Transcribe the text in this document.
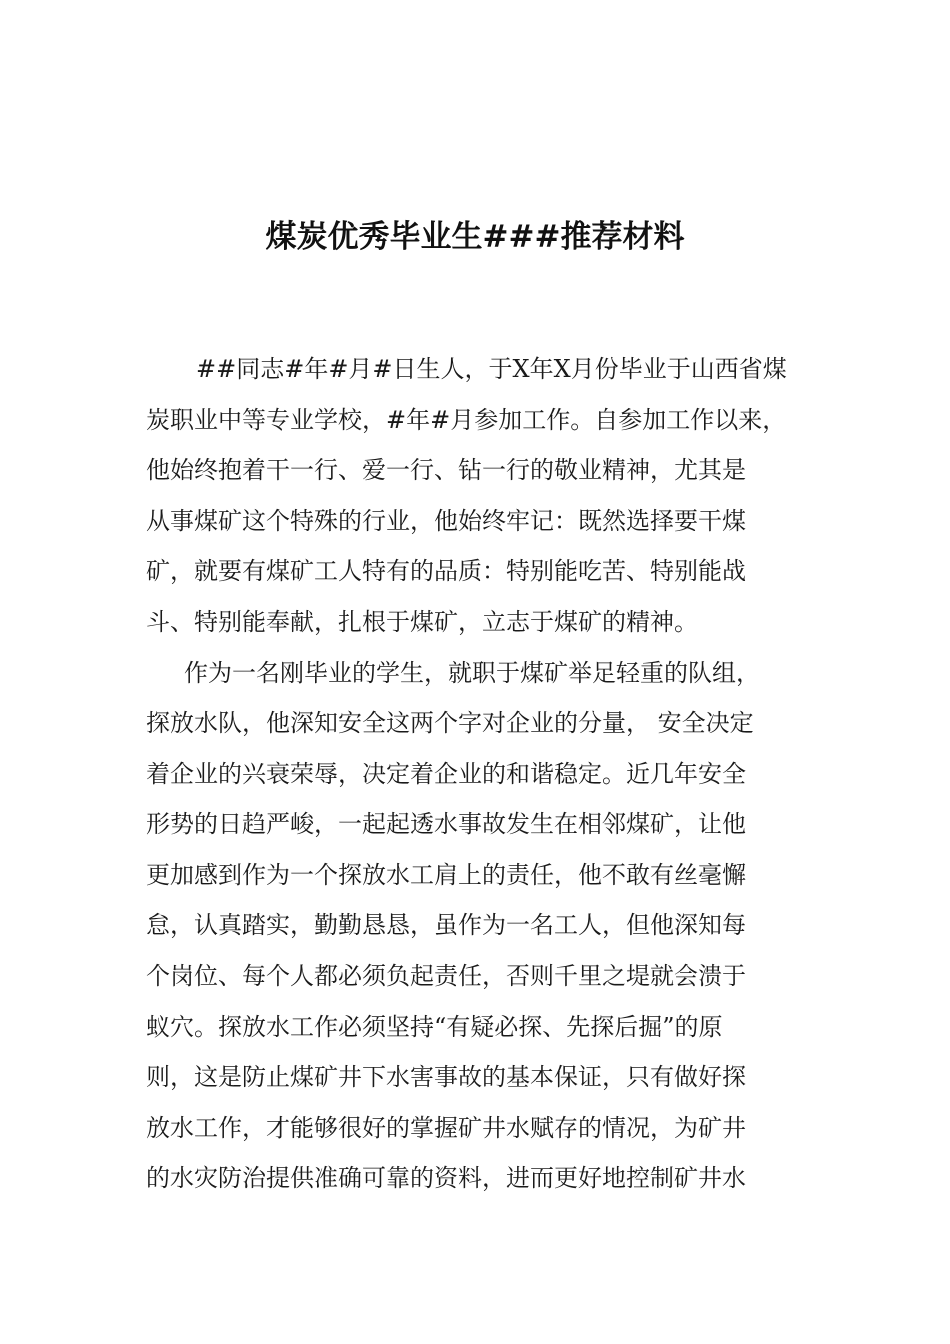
煤炭优秀毕业生###推荐材料
##同志#年#月#日生人，于X年X月份毕业于山西省煤
炭职业中等专业学校，#年#月参加工作。自参加工作以来，
他始终抱着干一行、爱一行、钻一行的敬业精神，尤其是
从事煤矿这个特殊的行业，他始终牢记：既然选择要干煤
矿，就要有煤矿工人特有的品质：特别能吃苦、特别能战
斗、特别能奉献，扎根于煤矿，立志于煤矿的精神。
作为一名刚毕业的学生，就职于煤矿举足轻重的队组，
探放水队，他深知安全这两个字对企业的分量， 安全决定
着企业的兴衰荣辱，决定着企业的和谐稳定。近几年安全
形势的日趋严峻，一起起透水事故发生在相邻煤矿，让他
更加感到作为一个探放水工肩上的责任，他不敢有丝毫懈
怠，认真踏实，勤勤恳恳，虽作为一名工人，但他深知每
个岗位、每个人都必须负起责任，否则千里之堤就会溃于
蚁穴。探放水工作必须坚持“有疑必探、先探后掘”的原
则，这是防止煤矿井下水害事故的基本保证，只有做好探
放水工作，才能够很好的掌握矿井水赋存的情况，为矿井
的水灾防治提供准确可靠的资料，进而更好地控制矿井水
